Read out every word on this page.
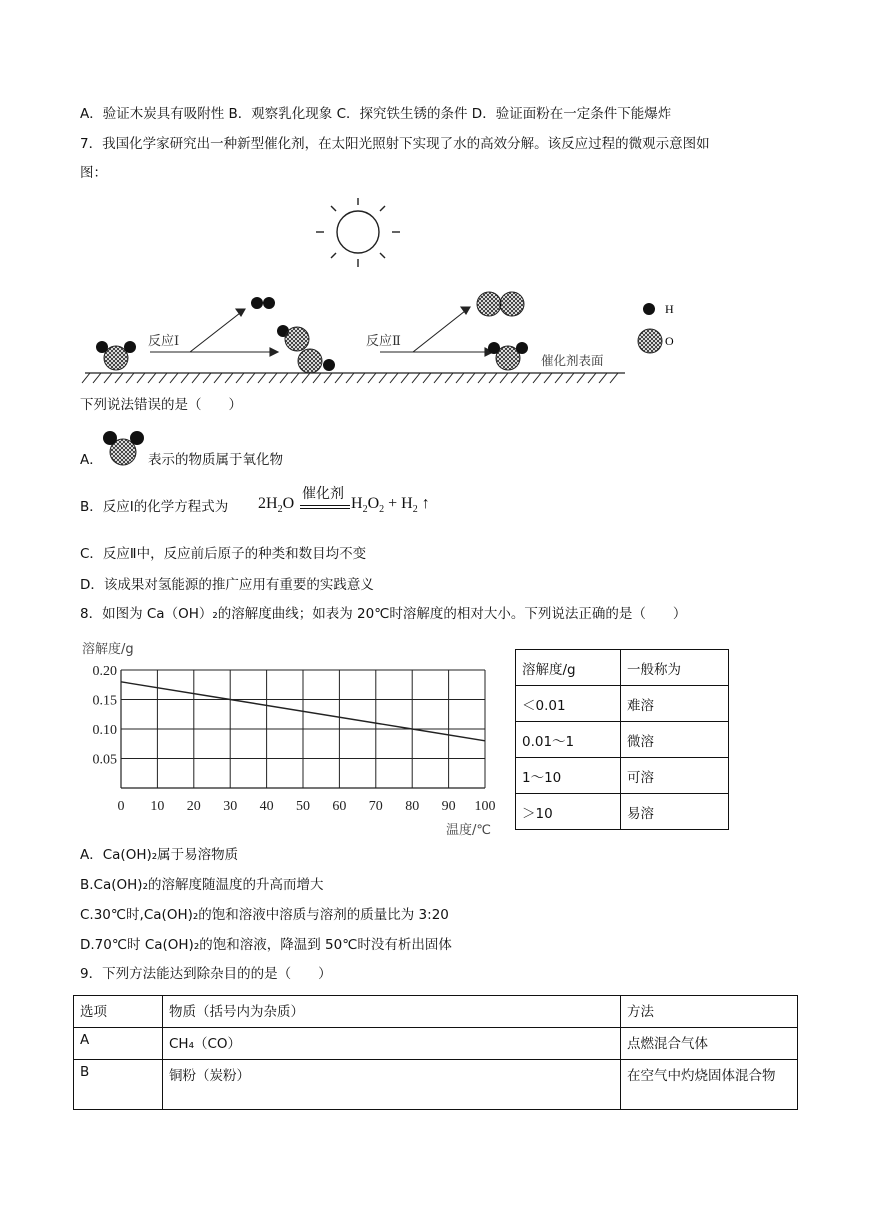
A．验证木炭具有吸附性 B．观察乳化现象 C．探究铁生锈的条件 D．验证面粉在一定条件下能爆炸
7．我国化学家研究出一种新型催化剂，在太阳光照射下实现了水的高效分解。该反应过程的微观示意图如
图：
反应Ⅰ	反应Ⅱ
催化剂表面
H
O
下列说法错误的是（　　）
A．	表示的物质属于氧化物
B．反应Ⅰ的化学方程式为
催化剂
$2H_2O$	$H_2O_2 + H_2$ ↑
C．反应Ⅱ中，反应前后原子的种类和数目均不变
D．该成果对氢能源的推广应用有重要的实践意义
8．如图为 Ca（OH）₂的溶解度曲线；如表为 20℃时溶解度的相对大小。下列说法正确的是（　　）
0 10 20 30 40 50 60 70 80 90 100
0.05
0.10
0.15
0.20
溶解度/g
温度/℃
溶解度/g	一般称为
＜0.01	难溶
0.01～1	微溶
1～10	可溶
＞10	易溶
A．Ca(OH)₂属于易溶物质
B.Ca(OH)₂的溶解度随温度的升高而增大
C.30℃时,Ca(OH)₂的饱和溶液中溶质与溶剂的质量比为 3:20
D.70℃时 Ca(OH)₂的饱和溶液，降温到 50℃时没有析出固体
9．下列方法能达到除杂目的的是（　　）
选项	物质（括号内为杂质）	方法
A	CH₄（CO）	点燃混合气体
B	铜粉（炭粉）	在空气中灼烧固体混合物
